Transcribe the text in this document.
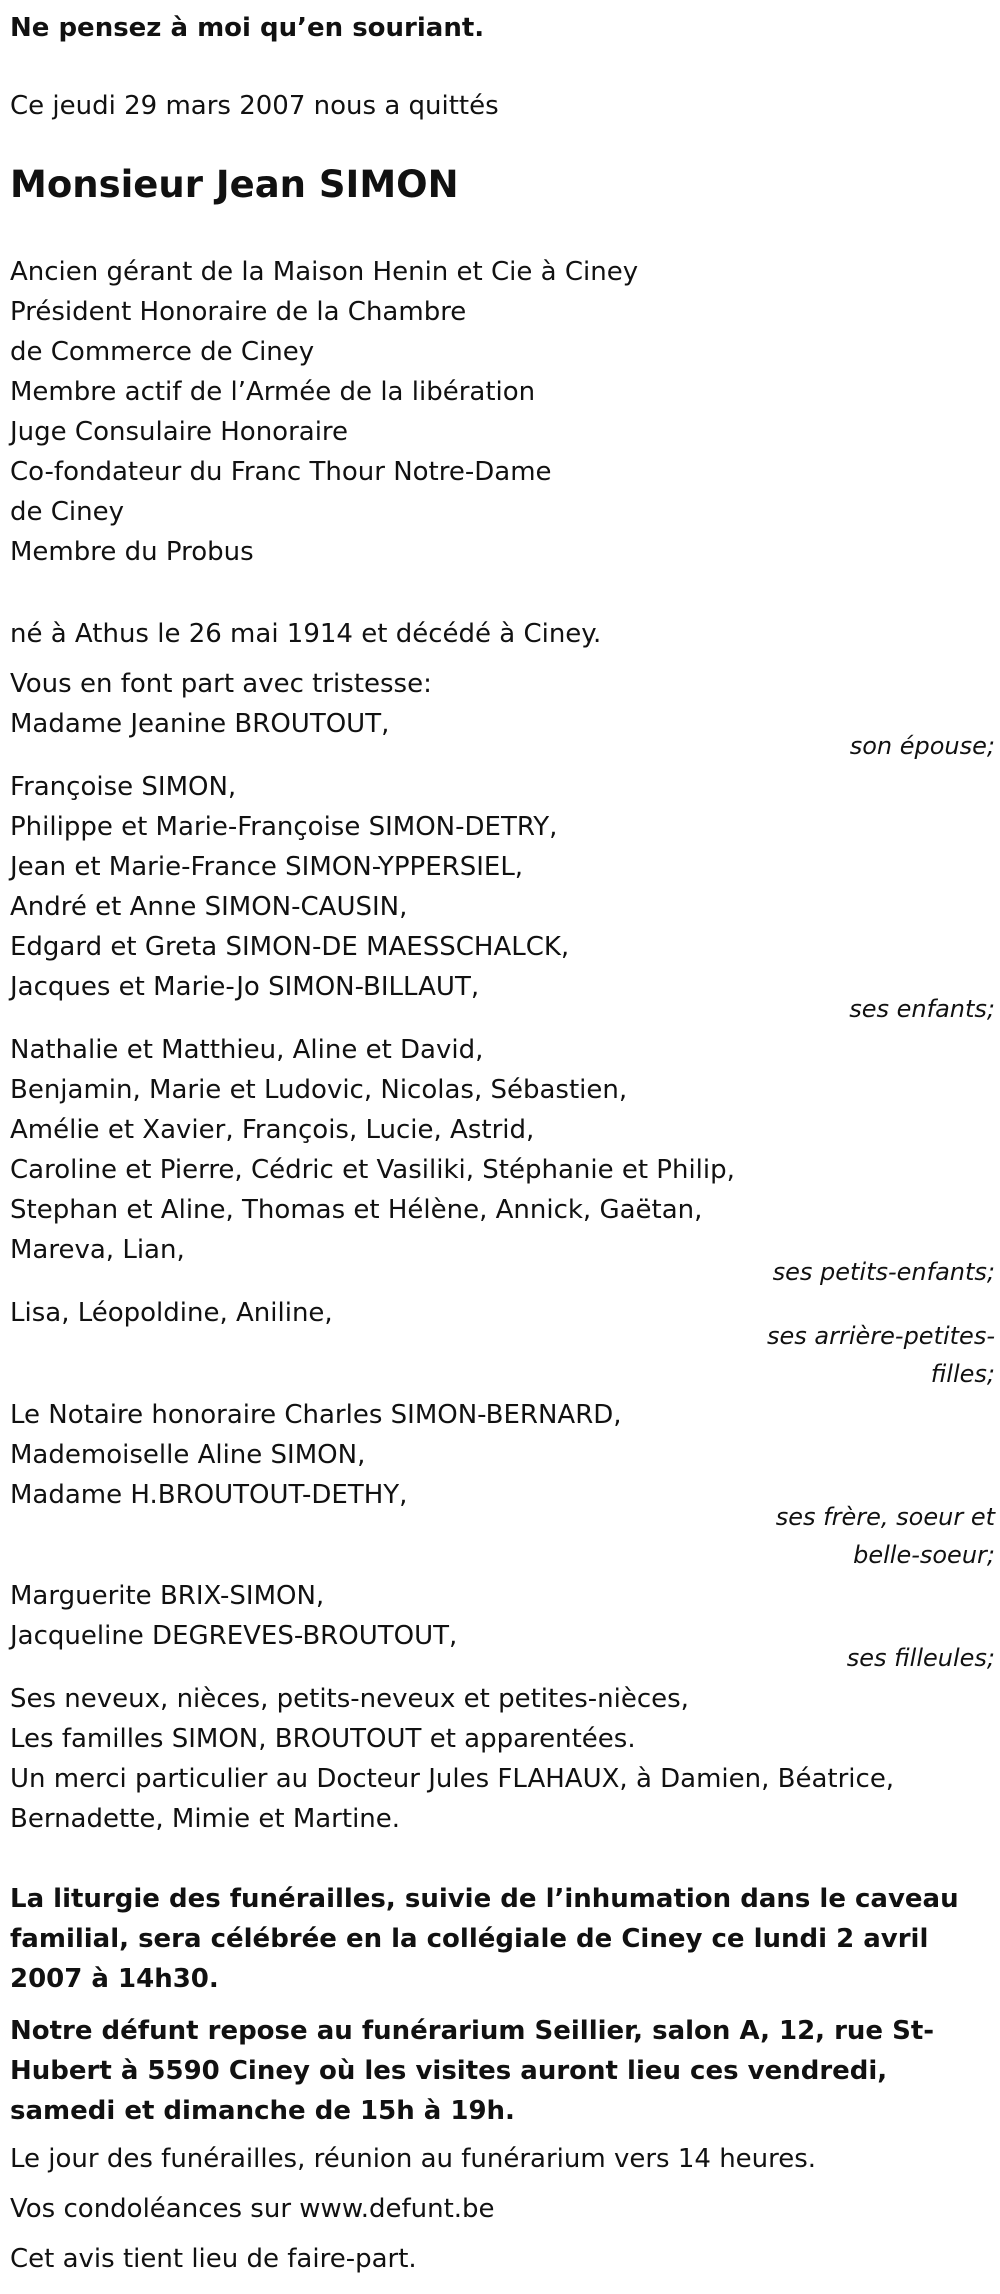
Ne pensez à moi qu’en souriant.

Ce jeudi 29 mars 2007 nous a quittés

Monsieur Jean SIMON

Ancien gérant de la Maison Henin et Cie à Ciney

Président Honoraire de la Chambre

de Commerce de Ciney

Membre actif de l’Armée de la libération

Juge Consulaire Honoraire

Co-fondateur du Franc Thour Notre-Dame

de Ciney

Membre du Probus

né à Athus le 26 mai 1914 et décédé à Ciney.

Vous en font part avec tristesse:

Madame Jeanine BROUTOUT,

son épouse;

Françoise SIMON,

Philippe et Marie-Françoise SIMON-DETRY,

Jean et Marie-France SIMON-YPPERSIEL,

André et Anne SIMON-CAUSIN,

Edgard et Greta SIMON-DE MAESSCHALCK,

Jacques et Marie-Jo SIMON-BILLAUT,

ses enfants;

Nathalie et Matthieu, Aline et David,

Benjamin, Marie et Ludovic, Nicolas, Sébastien,

Amélie et Xavier, François, Lucie, Astrid,

Caroline et Pierre, Cédric et Vasiliki, Stéphanie et Philip,

Stephan et Aline, Thomas et Hélène, Annick, Gaëtan,

Mareva, Lian,

ses petits-enfants;

Lisa, Léopoldine, Aniline,

ses arrière-petites-
filles;

Le Notaire honoraire Charles SIMON-BERNARD,

Mademoiselle Aline SIMON,

Madame H.BROUTOUT-DETHY,

ses frère, soeur et
belle-soeur;

Marguerite BRIX-SIMON,

Jacqueline DEGREVES-BROUTOUT,

ses filleules;

Ses neveux, nièces, petits-neveux et petites-nièces,

Les familles SIMON, BROUTOUT et apparentées.

Un merci particulier au Docteur Jules FLAHAUX, à Damien, Béatrice,

Bernadette, Mimie et Martine.

La liturgie des funérailles, suivie de l’inhumation dans le caveau familial, sera célébrée en la collégiale de Ciney ce lundi 2 avril 2007 à 14h30.

Notre défunt repose au funérarium Seillier, salon A, 12, rue St-Hubert à 5590 Ciney où les visites auront lieu ces vendredi, samedi et dimanche de 15h à 19h.

Le jour des funérailles, réunion au funérarium vers 14 heures.

Vos condoléances sur www.defunt.be

Cet avis tient lieu de faire-part.
